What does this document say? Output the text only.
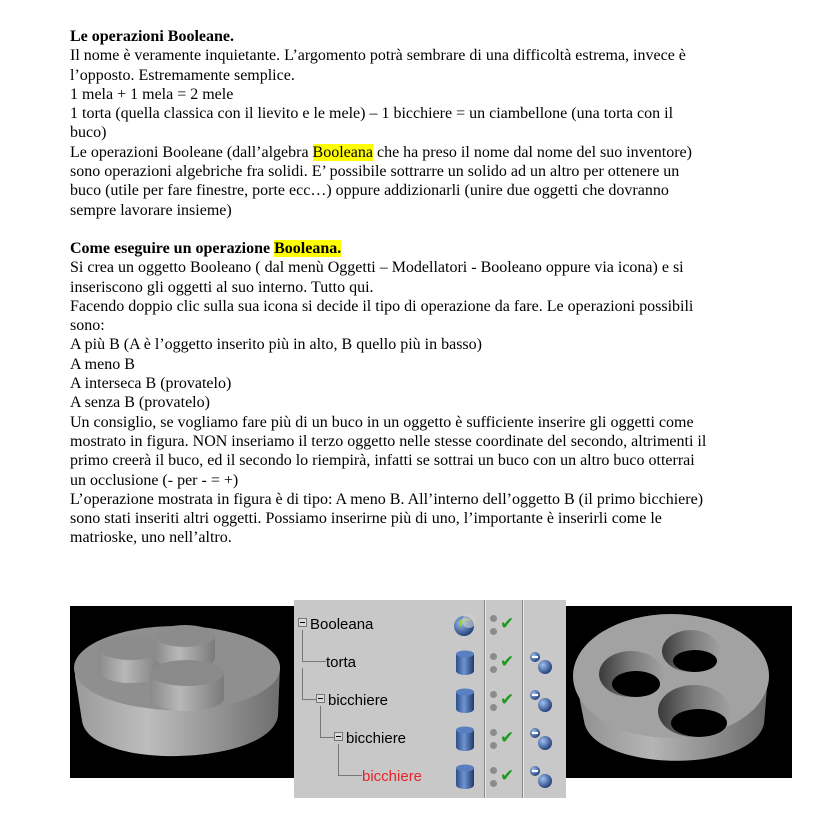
Le operazioni Booleane.

Il nome è veramente inquietante. L’argomento potrà sembrare di una difficoltà estrema, invece è

l’opposto. Estremamente semplice.

1 mela + 1 mela = 2 mele

1 torta (quella classica con il lievito e le mele) – 1 bicchiere = un ciambellone (una torta con il

buco)

Le operazioni Booleane (dall’algebra Booleana che ha preso il nome dal nome del suo inventore)

sono operazioni algebriche fra solidi. E’ possibile sottrarre un solido ad un altro per ottenere un

buco (utile per fare finestre, porte ecc…) oppure addizionarli (unire due oggetti che dovranno

sempre lavorare insieme)

Come eseguire un operazione Booleana.

Si crea un oggetto Booleano ( dal menù Oggetti – Modellatori - Booleano oppure via icona) e si

inseriscono gli oggetti al suo interno. Tutto qui.

Facendo doppio clic sulla sua icona si decide il tipo di operazione da fare. Le operazioni possibili

sono:

A più B (A è l’oggetto inserito più in alto, B quello più in basso)

A meno B

A interseca B (provatelo)

A senza B (provatelo)

Un consiglio, se vogliamo fare più di un buco in un oggetto è sufficiente inserire gli oggetti come

mostrato in figura. NON inseriamo il terzo oggetto nelle stesse coordinate del secondo, altrimenti il

primo creerà il buco, ed il secondo lo riempirà, infatti se sottrai un buco con un altro buco otterrai

un occlusione (- per - = +)

L’operazione mostrata in figura è di tipo: A meno B. All’interno dell’oggetto B (il primo bicchiere)

sono stati inseriti altri oggetti. Possiamo inserirne più di uno, l’importante è inserirli come le

matrioske, uno nell’altro.

Booleana	✔
torta	✔
bicchiere	✔
bicchiere	✔
bicchiere	✔
